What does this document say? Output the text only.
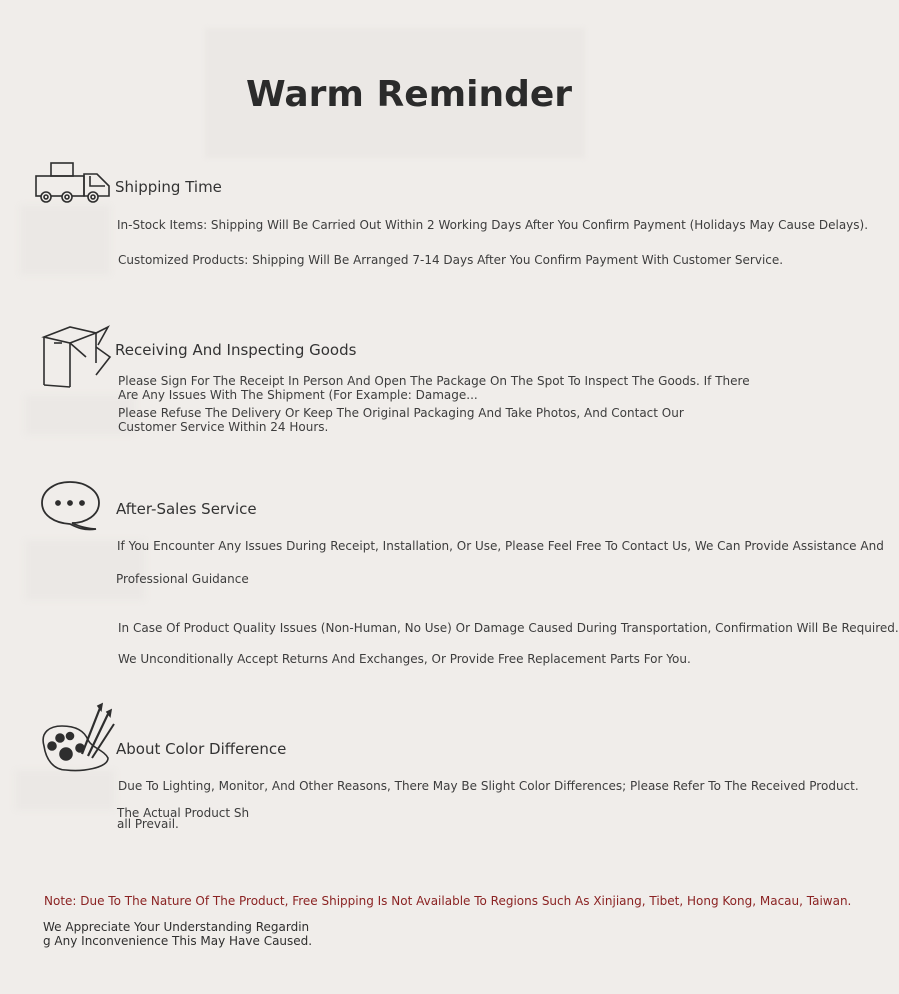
Warm Reminder
Shipping Time
In-Stock Items: Shipping Will Be Carried Out Within 2 Working Days After You Confirm Payment (Holidays May Cause Delays).
Customized Products: Shipping Will Be Arranged 7-14 Days After You Confirm Payment With Customer Service.
Receiving And Inspecting Goods
Please Sign For The Receipt In Person And Open The Package On The Spot To Inspect The Goods. If There Are Any Issues With The Shipment (For Example: Damage...
Please Refuse The Delivery Or Keep The Original Packaging And Take Photos, And Contact Our Customer Service Within 24 Hours.
After-Sales Service
If You Encounter Any Issues During Receipt, Installation, Or Use, Please Feel Free To Contact Us, We Can Provide Assistance And
Professional Guidance
In Case Of Product Quality Issues (Non-Human, No Use) Or Damage Caused During Transportation, Confirmation Will Be Required.
We Unconditionally Accept Returns And Exchanges, Or Provide Free Replacement Parts For You.
About Color Difference
Due To Lighting, Monitor, And Other Reasons, There May Be Slight Color Differences; Please Refer To The Received Product.
The Actual Product Sh
all Prevail.
Note: Due To The Nature Of The Product, Free Shipping Is Not Available To Regions Such As Xinjiang, Tibet, Hong Kong, Macau, Taiwan.
We Appreciate Your Understanding Regardin
g Any Inconvenience This May Have Caused.
